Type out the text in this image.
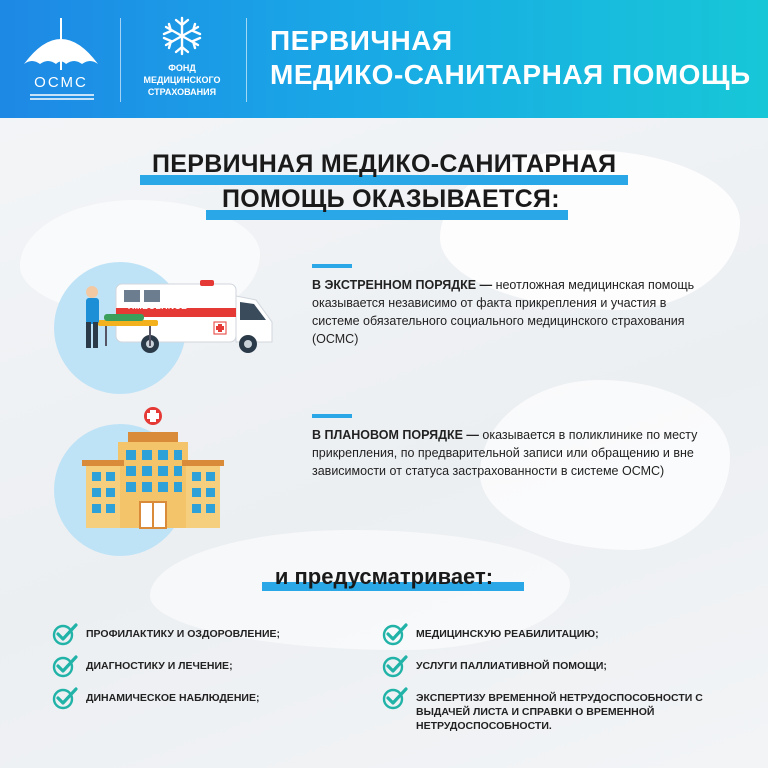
ОСМС
ФОНД
МЕДИЦИНСКОГО
СТРАХОВАНИЯ
ПЕРВИЧНАЯ
МЕДИКО-САНИТАРНАЯ ПОМОЩЬ
ПЕРВИЧНАЯ МЕДИКО-САНИТАРНАЯ
ПОМОЩЬ ОКАЗЫВАЕТСЯ:
AMBULANCE
В ЭКСТРЕННОМ ПОРЯДКЕ — неотложная медицинская помощь оказывается независимо от факта прикрепления и участия в системе обязательного социального медицинского страхования (ОСМС)
В ПЛАНОВОМ ПОРЯДКЕ — оказывается в поликлинике по месту прикрепления, по предварительной записи или обращению и вне зависимости от статуса застрахованности в системе ОСМС)
и предусматривает:
ПРОФИЛАКТИКУ И ОЗДОРОВЛЕНИЕ;
ДИАГНОСТИКУ И ЛЕЧЕНИЕ;
ДИНАМИЧЕСКОЕ НАБЛЮДЕНИЕ;
МЕДИЦИНСКУЮ РЕАБИЛИТАЦИЮ;
УСЛУГИ ПАЛЛИАТИВНОЙ ПОМОЩИ;
ЭКСПЕРТИЗУ ВРЕМЕННОЙ НЕТРУДОСПОСОБНОСТИ С ВЫДАЧЕЙ ЛИСТА И СПРАВКИ О ВРЕМЕННОЙ НЕТРУДОСПОСОБНОСТИ.
